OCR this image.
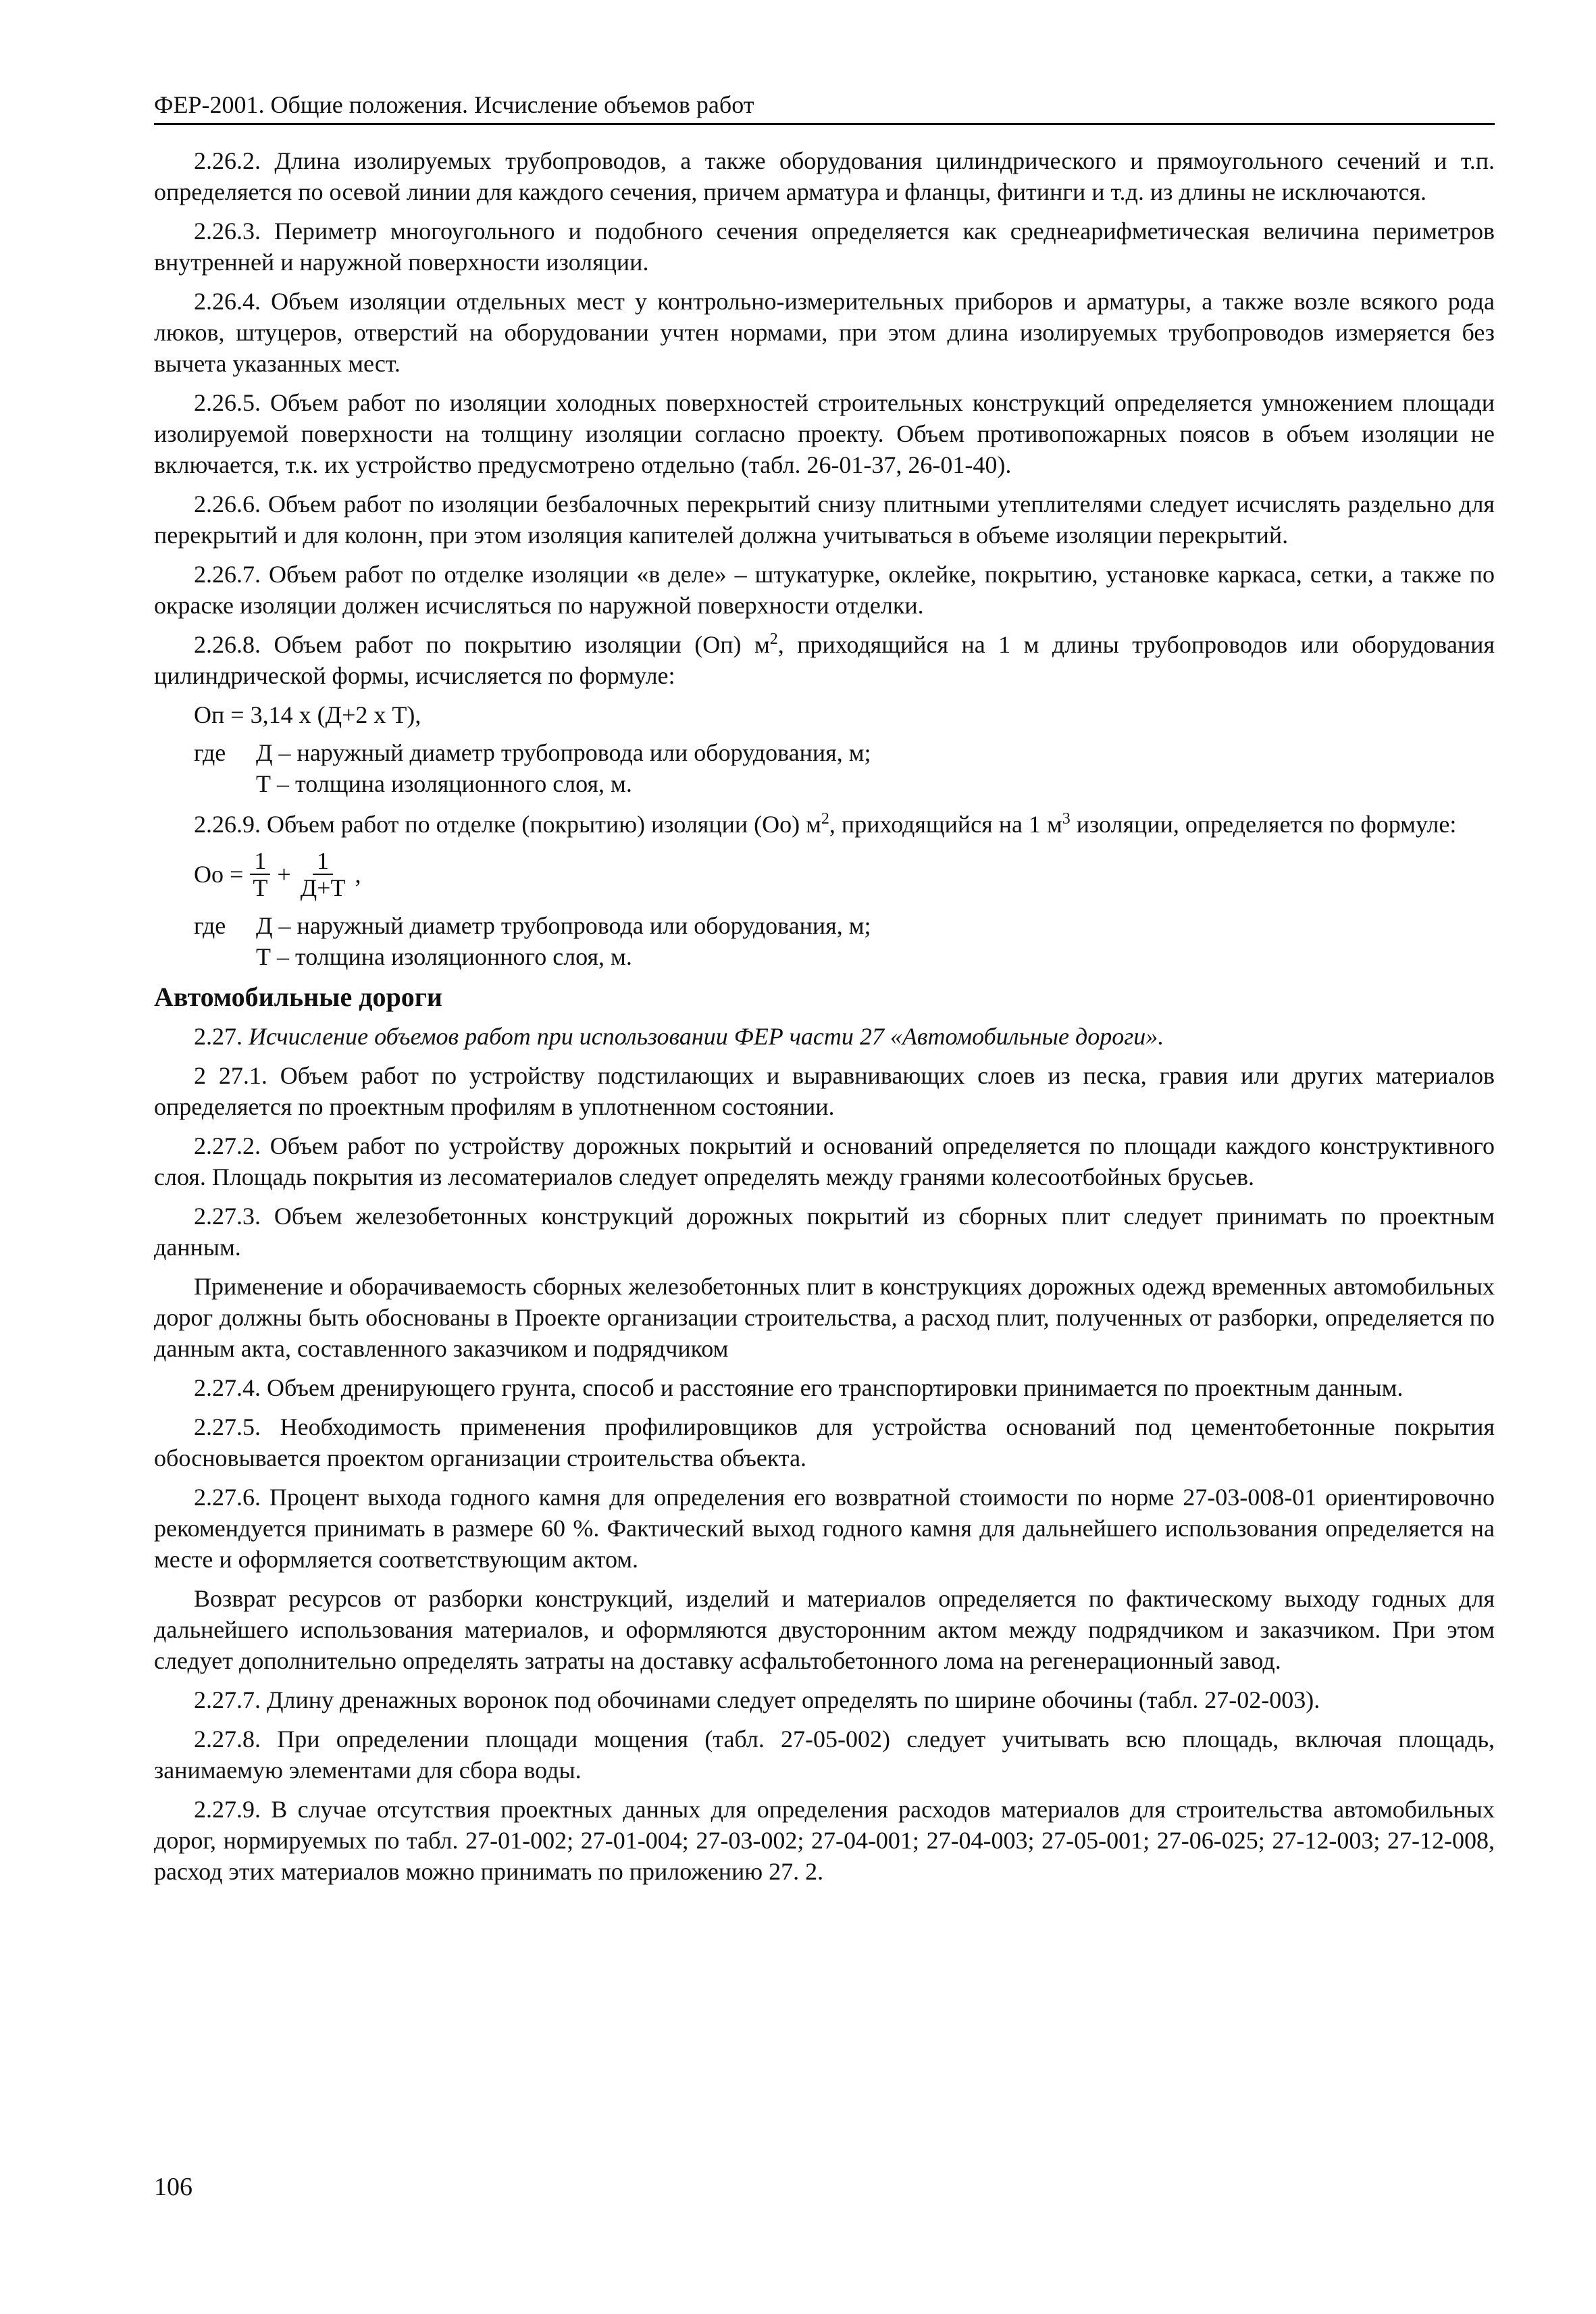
ФЕР-2001. Общие положения. Исчисление объемов работ

2.26.2. Длина изолируемых трубопроводов, а также оборудования цилиндрического и прямоугольного сечений и т.п. определяется по осевой линии для каждого сечения, причем арматура и фланцы, фитинги и т.д. из длины не исключаются.

2.26.3. Периметр многоугольного и подобного сечения определяется как среднеарифметическая величина периметров внутренней и наружной поверхности изоляции.

2.26.4. Объем изоляции отдельных мест у контрольно-измерительных приборов и арматуры, а также возле всякого рода люков, штуцеров, отверстий на оборудовании учтен нормами, при этом длина изолируемых трубопроводов измеряется без вычета указанных мест.

2.26.5. Объем работ по изоляции холодных поверхностей строительных конструкций определяется умножением площади изолируемой поверхности на толщину изоляции согласно проекту. Объем противопожарных поясов в объем изоляции не включается, т.к. их устройство предусмотрено отдельно (табл. 26-01-37, 26-01-40).

2.26.6. Объем работ по изоляции безбалочных перекрытий снизу плитными утеплителями следует исчислять раздельно для перекрытий и для колонн, при этом изоляция капителей должна учитываться в объеме изоляции перекрытий.

2.26.7. Объем работ по отделке изоляции «в деле» – штукатурке, оклейке, покрытию, установке каркаса, сетки, а также по окраске изоляции должен исчисляться по наружной поверхности отделки.

2.26.8. Объем работ по покрытию изоляции (Оп) $м^2$, приходящийся на 1 м длины трубопроводов или оборудования цилиндрической формы, исчисляется по формуле:

Оп = 3,14 х (Д+2 х Т),
где	Д – наружный диаметр трубопровода или оборудования, м;
Т – толщина изоляционного слоя, м.

2.26.9. Объем работ по отделке (покрытию) изоляции (Оо) $м^2$, приходящийся на 1 $м^3$ изоляции, определяется по формуле:

Оо = $\frac{1}{Т} + \frac{1}{Д+Т}$ ,
где	Д – наружный диаметр трубопровода или оборудования, м;
Т – толщина изоляционного слоя, м.

Автомобильные дороги

2.27. Исчисление объемов работ при использовании ФЕР части 27 «Автомобильные дороги».

2 27.1. Объем работ по устройству подстилающих и выравнивающих слоев из песка, гравия или других материалов определяется по проектным профилям в уплотненном состоянии.

2.27.2. Объем работ по устройству дорожных покрытий и оснований определяется по площади каждого конструктивного слоя. Площадь покрытия из лесоматериалов следует определять между гранями колесоотбойных брусьев.

2.27.3. Объем железобетонных конструкций дорожных покрытий из сборных плит следует принимать по проектным данным.

Применение и оборачиваемость сборных железобетонных плит в конструкциях дорожных одежд временных автомобильных дорог должны быть обоснованы в Проекте организации строительства, а расход плит, полученных от разборки, определяется по данным акта, составленного заказчиком и подрядчиком

2.27.4. Объем дренирующего грунта, способ и расстояние его транспортировки принимается по проектным данным.

2.27.5. Необходимость применения профилировщиков для устройства оснований под цементобетонные покрытия обосновывается проектом организации строительства объекта.

2.27.6. Процент выхода годного камня для определения его возвратной стоимости по норме 27-03-008-01 ориентировочно рекомендуется принимать в размере 60 %. Фактический выход годного камня для дальнейшего использования определяется на месте и оформляется соответствующим актом.

Возврат ресурсов от разборки конструкций, изделий и материалов определяется по фактическому выходу годных для дальнейшего использования материалов, и оформляются двусторонним актом между подрядчиком и заказчиком. При этом следует дополнительно определять затраты на доставку асфальтобетонного лома на регенерационный завод.

2.27.7. Длину дренажных воронок под обочинами следует определять по ширине обочины (табл. 27-02-003).

2.27.8. При определении площади мощения (табл. 27-05-002) следует учитывать всю площадь, включая площадь, занимаемую элементами для сбора воды.

2.27.9. В случае отсутствия проектных данных для определения расходов материалов для строительства автомобильных дорог, нормируемых по табл. 27-01-002; 27-01-004; 27-03-002; 27-04-001; 27-04-003; 27-05-001; 27-06-025; 27-12-003; 27-12-008, расход этих материалов можно принимать по приложению 27. 2.

106
